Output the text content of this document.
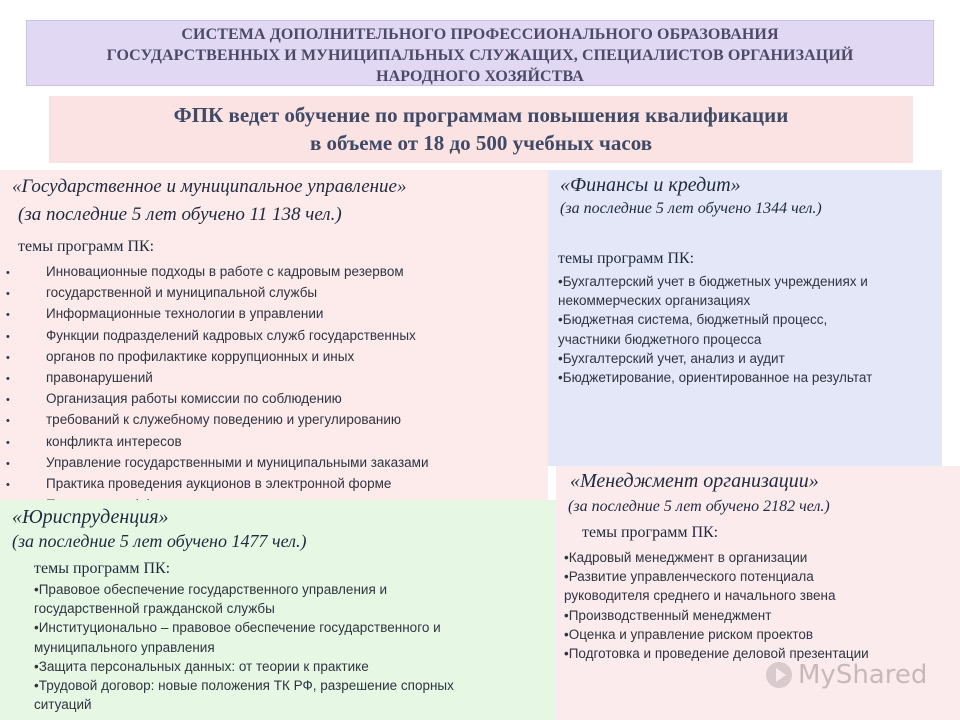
СИСТЕМА ДОПОЛНИТЕЛЬНОГО ПРОФЕССИОНАЛЬНОГО ОБРАЗОВАНИЯ
ГОСУДАРСТВЕННЫХ И МУНИЦИПАЛЬНЫХ СЛУЖАЩИХ, СПЕЦИАЛИСТОВ ОРГАНИЗАЦИЙ
НАРОДНОГО ХОЗЯЙСТВА
ФПК ведет обучение по программам повышения квалификации
в объеме от 18 до 500 учебных часов
«Государственное и муниципальное управление»
(за последние 5 лет обучено 11 138 чел.)
темы программ ПК:
•	Инновационные подходы в работе с кадровым резервом
•	государственной и муниципальной службы
•	Информационные технологии в управлении
•	Функции подразделений кадровых служб государственных
•	органов по профилактике коррупционных и иных
•	правонарушений
•	Организация работы комиссии по соблюдению
•	требований к служебному поведению и урегулированию
•	конфликта интересов
•	Управление государственными и муниципальными заказами
•	Практика проведения аукционов в электронной форме
«Финансы и кредит»
(за последние 5 лет обучено 1344 чел.)
темы программ ПК:
•Бухгалтерский учет в бюджетных учреждениях и
некоммерческих организациях
•Бюджетная система, бюджетный процесс,
участники бюджетного процесса
•Бухгалтерский учет, анализ и аудит
•Бюджетирование, ориентированное на результат
«Юриспруденция»
(за последние 5 лет обучено 1477 чел.)
темы программ ПК:
•Правовое обеспечение государственного управления и
государственной гражданской службы
•Институционально – правовое обеспечение государственного и
муниципального управления
•Защита персональных данных: от теории к практике
•Трудовой договор: новые положения ТК РФ, разрешение спорных
ситуаций
«Менеджмент организации»
(за последние 5 лет обучено 2182 чел.)
темы программ ПК:
•Кадровый менеджмент в организации
•Развитие управленческого потенциала
руководителя среднего и начального звена
•Производственный менеджмент
•Оценка и управление риском проектов
•Подготовка и проведение деловой презентации
MyShared
